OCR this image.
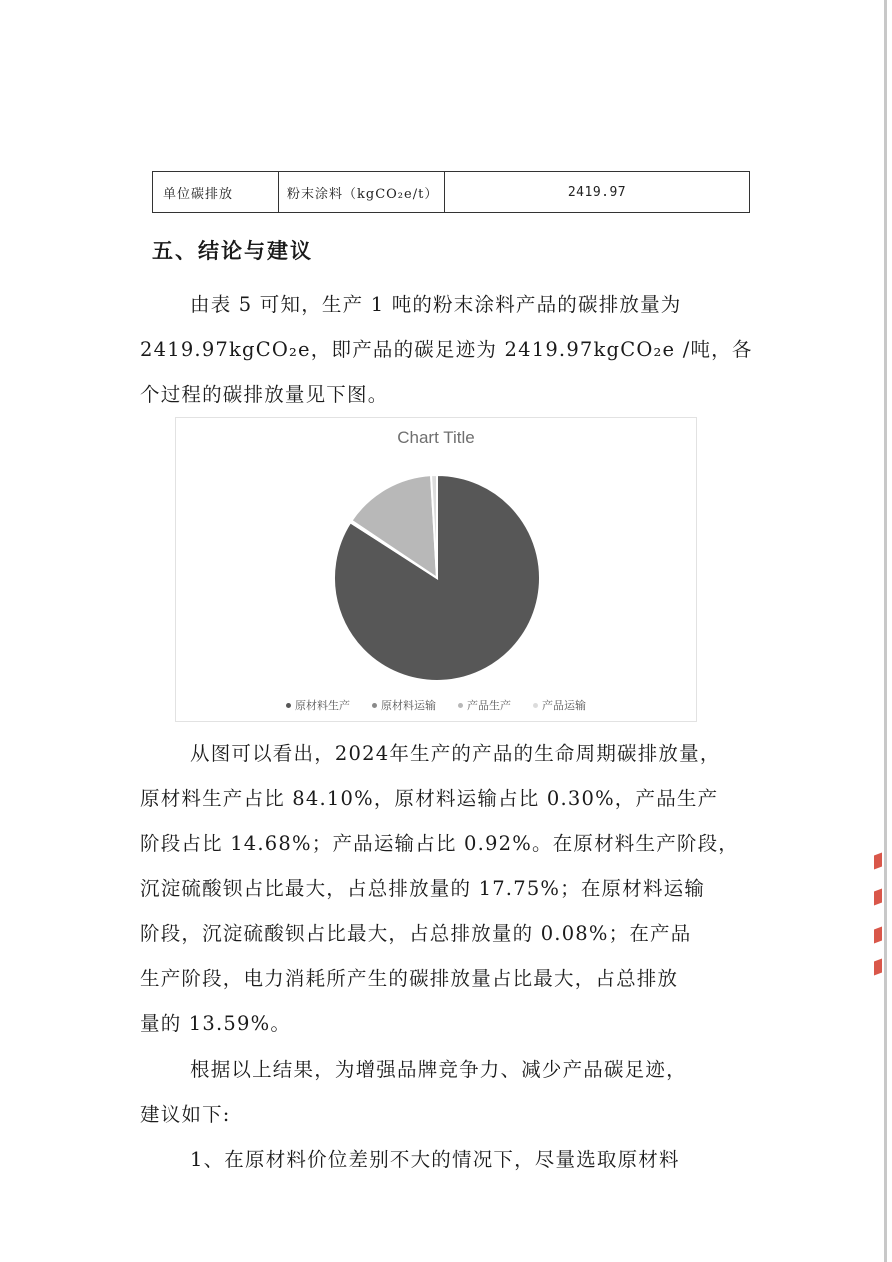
单位碳排放	粉末涂料（kgCO₂e/t）	2419.97
五、结论与建议

由表 5 可知，生产 1 吨的粉末涂料产品的碳排放量为
2419.97kgCO₂e，即产品的碳足迹为 2419.97kgCO₂e /吨，各
个过程的碳排放量见下图。

Chart Title
原材料生产	原材料运输	产品生产	产品运输

从图可以看出，2024年生产的产品的生命周期碳排放量，
原材料生产占比 84.10%，原材料运输占比 0.30%，产品生产
阶段占比 14.68%；产品运输占比 0.92%。在原材料生产阶段，
沉淀硫酸钡占比最大，占总排放量的 17.75%；在原材料运输
阶段，沉淀硫酸钡占比最大，占总排放量的 0.08%；在产品
生产阶段，电力消耗所产生的碳排放量占比最大，占总排放
量的 13.59%。

根据以上结果，为增强品牌竞争力、减少产品碳足迹，
建议如下:

1、在原材料价位差别不大的情况下，尽量选取原材料
